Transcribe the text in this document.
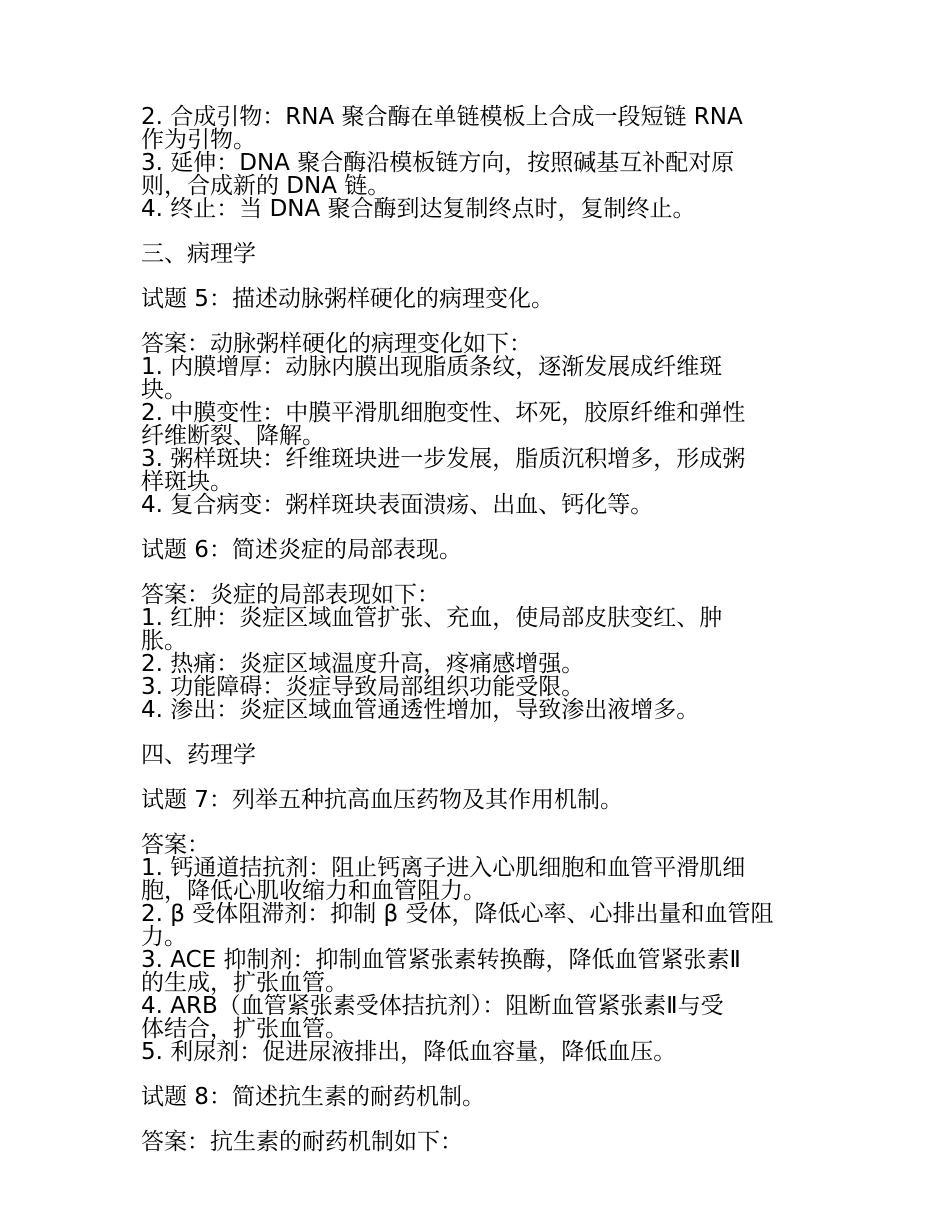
2. 合成引物：RNA 聚合酶在单链模板上合成一段短链 RNA
作为引物。
3. 延伸：DNA 聚合酶沿模板链方向，按照碱基互补配对原
则，合成新的 DNA 链。
4. 终止：当 DNA 聚合酶到达复制终点时，复制终止。

三、病理学

试题 5：描述动脉粥样硬化的病理变化。

答案：动脉粥样硬化的病理变化如下：
1. 内膜增厚：动脉内膜出现脂质条纹，逐渐发展成纤维斑
块。
2. 中膜变性：中膜平滑肌细胞变性、坏死，胶原纤维和弹性
纤维断裂、降解。
3. 粥样斑块：纤维斑块进一步发展，脂质沉积增多，形成粥
样斑块。
4. 复合病变：粥样斑块表面溃疡、出血、钙化等。

试题 6：简述炎症的局部表现。

答案：炎症的局部表现如下：
1. 红肿：炎症区域血管扩张、充血，使局部皮肤变红、肿
胀。
2. 热痛：炎症区域温度升高，疼痛感增强。
3. 功能障碍：炎症导致局部组织功能受限。
4. 渗出：炎症区域血管通透性增加，导致渗出液增多。

四、药理学

试题 7：列举五种抗高血压药物及其作用机制。

答案：
1. 钙通道拮抗剂：阻止钙离子进入心肌细胞和血管平滑肌细
胞，降低心肌收缩力和血管阻力。
2. β 受体阻滞剂：抑制 β 受体，降低心率、心排出量和血管阻
力。
3. ACE 抑制剂：抑制血管紧张素转换酶，降低血管紧张素Ⅱ
的生成，扩张血管。
4. ARB（血管紧张素受体拮抗剂）：阻断血管紧张素Ⅱ与受
体结合，扩张血管。
5. 利尿剂：促进尿液排出，降低血容量，降低血压。

试题 8：简述抗生素的耐药机制。

答案：抗生素的耐药机制如下：
